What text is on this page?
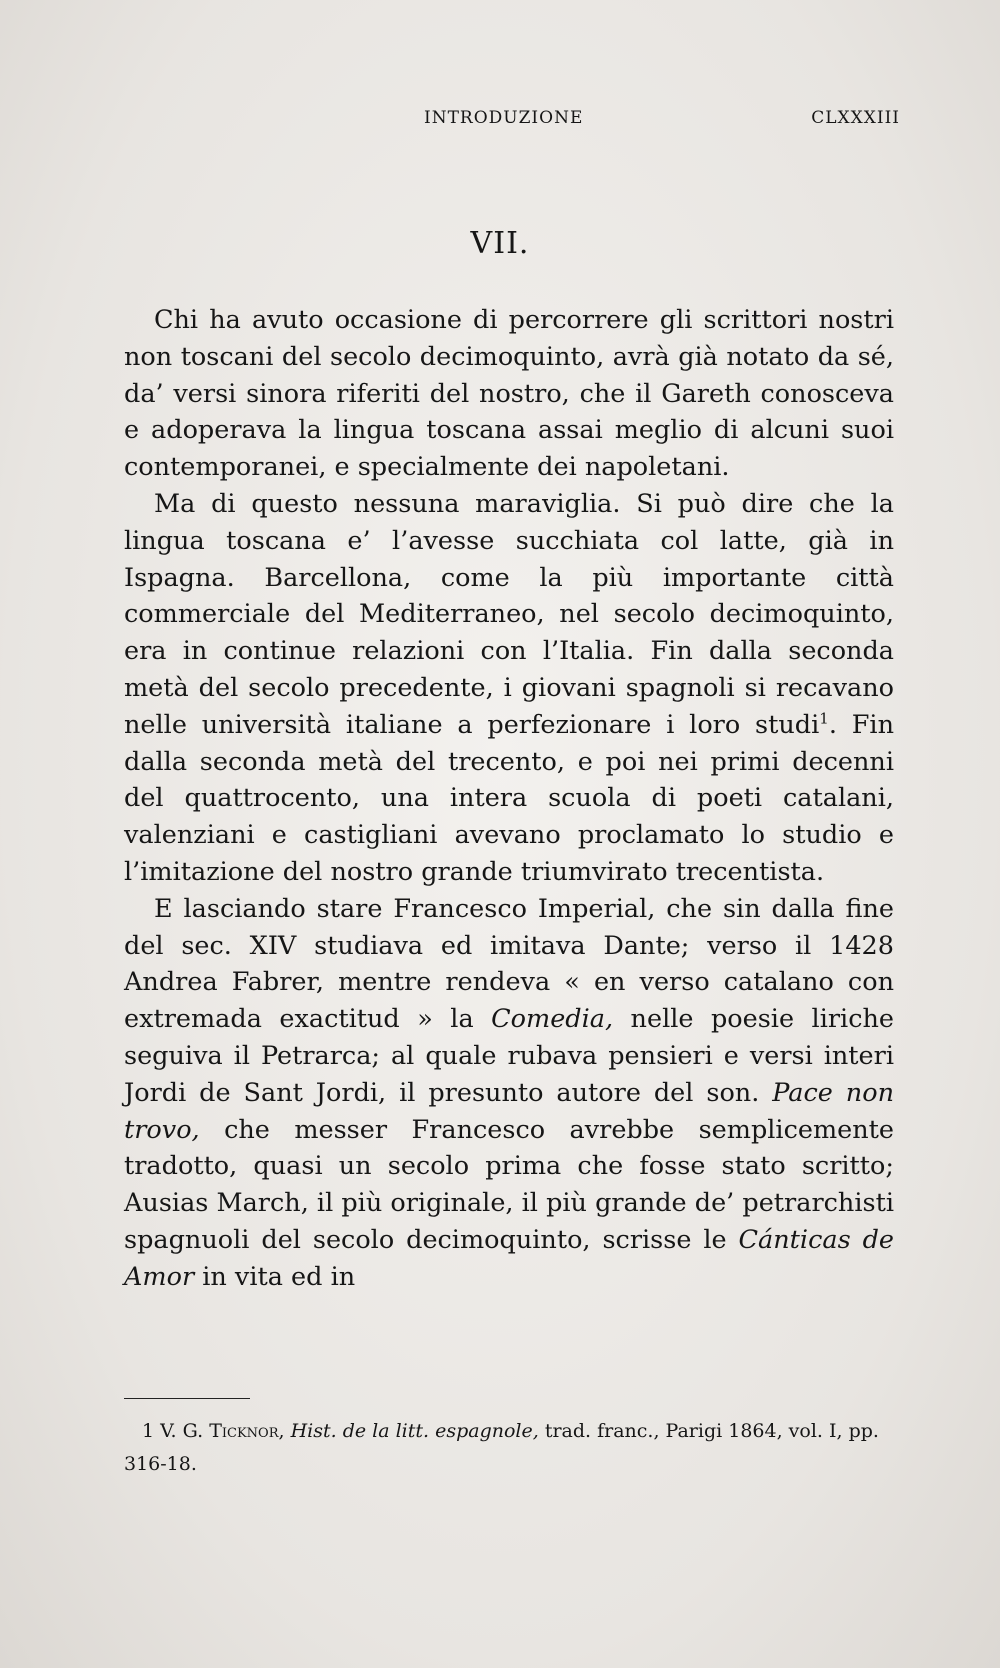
INTRODUZIONE	CLXXXIII
VII.

Chi ha avuto occasione di percorrere gli scrittori nostri non toscani del secolo decimoquinto, avrà già notato da sé, da’ versi sinora riferiti del nostro, che il Gareth conosceva e adoperava la lingua toscana assai meglio di alcuni suoi contemporanei, e specialmente dei napoletani.

Ma di questo nessuna maraviglia. Si può dire che la lingua toscana e’ l’avesse succhiata col latte, già in Ispagna. Barcellona, come la più importante città commerciale del Mediterraneo, nel secolo decimoquinto, era in continue relazioni con l’Italia. Fin dalla seconda metà del secolo precedente, i giovani spagnoli si recavano nelle università italiane a perfezionare i loro studi$^1$. Fin dalla seconda metà del trecento, e poi nei primi decenni del quattrocento, una intera scuola di poeti catalani, valenziani e castigliani avevano proclamato lo studio e l’imitazione del nostro grande triumvirato trecentista.

E lasciando stare Francesco Imperial, che sin dalla fine del sec. XIV studiava ed imitava Dante; verso il 1428 Andrea Fabrer, mentre rendeva « en verso catalano con extremada exactitud » la Comedia, nelle poesie liriche seguiva il Petrarca; al quale rubava pensieri e versi interi Jordi de Sant Jordi, il presunto autore del son. Pace non trovo, che messer Francesco avrebbe semplicemente tradotto, quasi un secolo prima che fosse stato scritto; Ausias March, il più originale, il più grande de’ petrarchisti spagnuoli del secolo decimoquinto, scrisse le Cánticas de Amor in vita ed in

1 V. G. Ticknor, Hist. de la litt. espagnole, trad. franc., Parigi 1864, vol. I, pp. 316-18.
